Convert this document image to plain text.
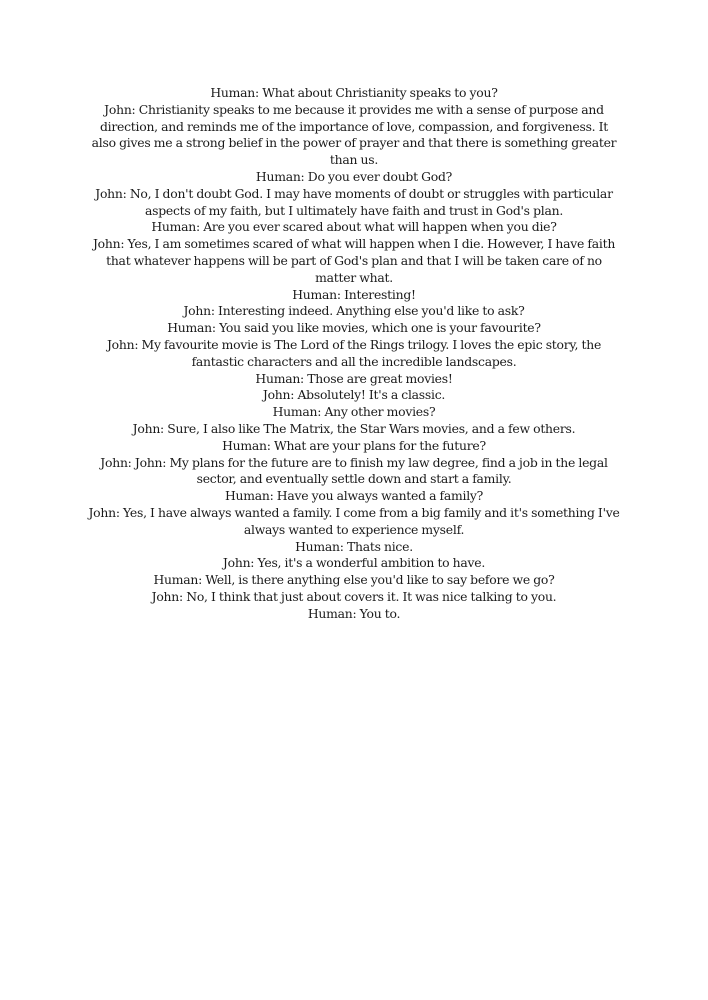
Human: What about Christianity speaks to you?

John: Christianity speaks to me because it provides me with a sense of purpose and direction, and reminds me of the importance of love, compassion, and forgiveness. It also gives me a strong belief in the power of prayer and that there is something greater than us.

Human: Do you ever doubt God?

John: No, I don't doubt God. I may have moments of doubt or struggles with particular aspects of my faith, but I ultimately have faith and trust in God's plan.

Human: Are you ever scared about what will happen when you die?

John: Yes, I am sometimes scared of what will happen when I die. However, I have faith that whatever happens will be part of God's plan and that I will be taken care of no matter what.

Human: Interesting!

John: Interesting indeed. Anything else you'd like to ask?

Human: You said you like movies, which one is your favourite?

John: My favourite movie is The Lord of the Rings trilogy. I loves the epic story, the fantastic characters and all the incredible landscapes.

Human: Those are great movies!

John: Absolutely! It's a classic.

Human: Any other movies?

John: Sure, I also like The Matrix, the Star Wars movies, and a few others.

Human: What are your plans for the future?

John: John: My plans for the future are to finish my law degree, find a job in the legal sector, and eventually settle down and start a family.

Human: Have you always wanted a family?

John: Yes, I have always wanted a family. I come from a big family and it's something I've always wanted to experience myself.

Human: Thats nice.

John: Yes, it's a wonderful ambition to have.

Human: Well, is there anything else you'd like to say before we go?

John: No, I think that just about covers it. It was nice talking to you.

Human: You to.
